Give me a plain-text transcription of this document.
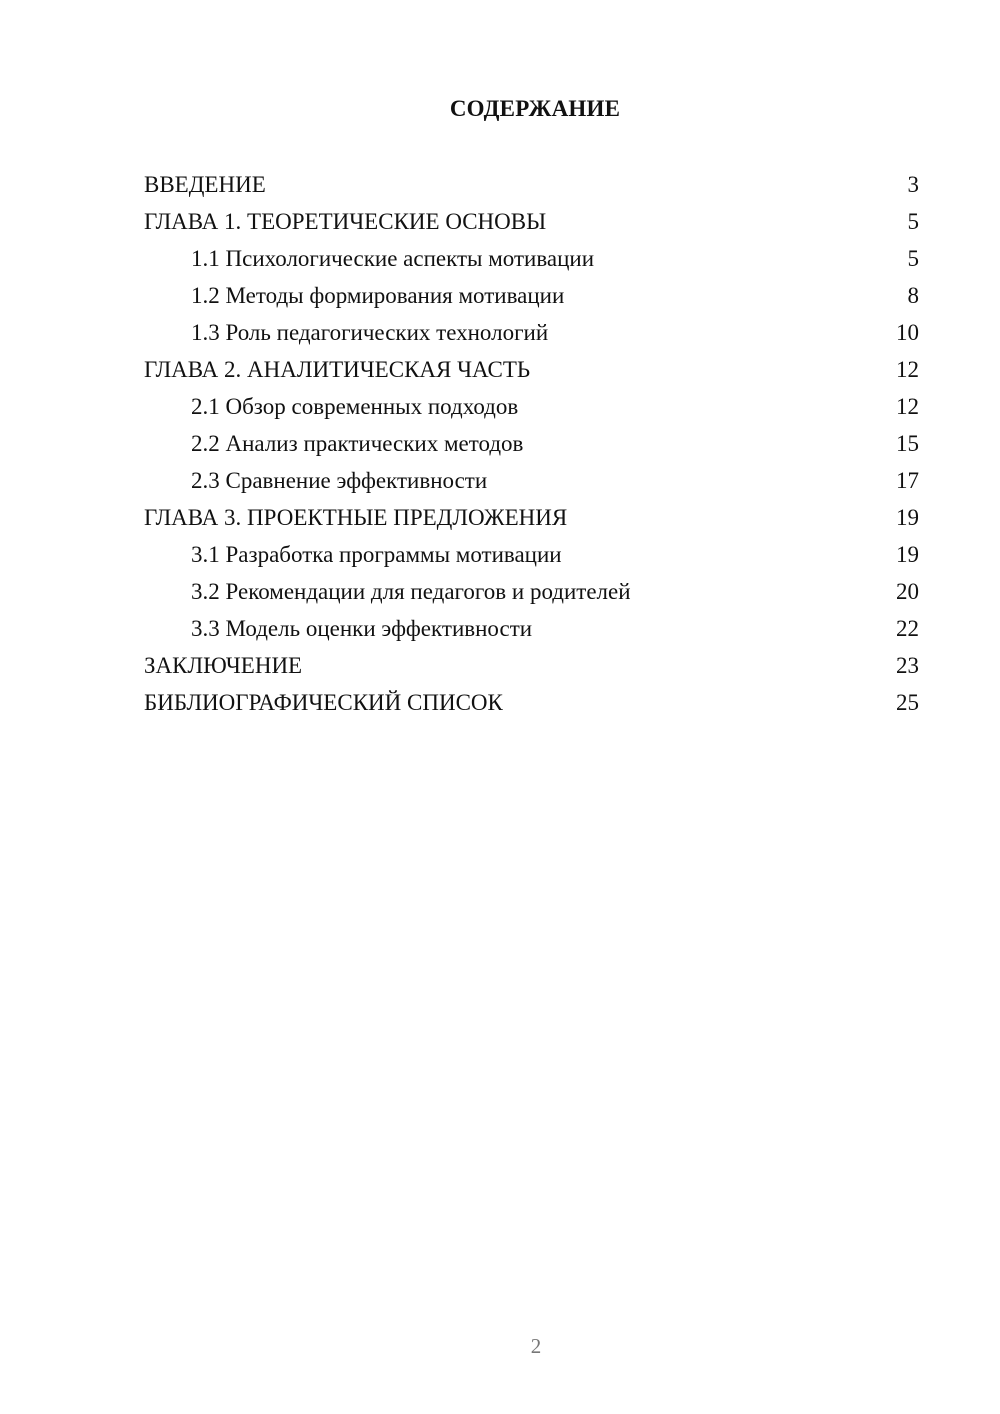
СОДЕРЖАНИЕ
ВВЕДЕНИЕ	3
ГЛАВА 1. ТЕОРЕТИЧЕСКИЕ ОСНОВЫ	5
1.1 Психологические аспекты мотивации	5
1.2 Методы формирования мотивации	8
1.3 Роль педагогических технологий	10
ГЛАВА 2. АНАЛИТИЧЕСКАЯ ЧАСТЬ	12
2.1 Обзор современных подходов	12
2.2 Анализ практических методов	15
2.3 Сравнение эффективности	17
ГЛАВА 3. ПРОЕКТНЫЕ ПРЕДЛОЖЕНИЯ	19
3.1 Разработка программы мотивации	19
3.2 Рекомендации для педагогов и родителей	20
3.3 Модель оценки эффективности	22
ЗАКЛЮЧЕНИЕ	23
БИБЛИОГРАФИЧЕСКИЙ СПИСОК	25
2
